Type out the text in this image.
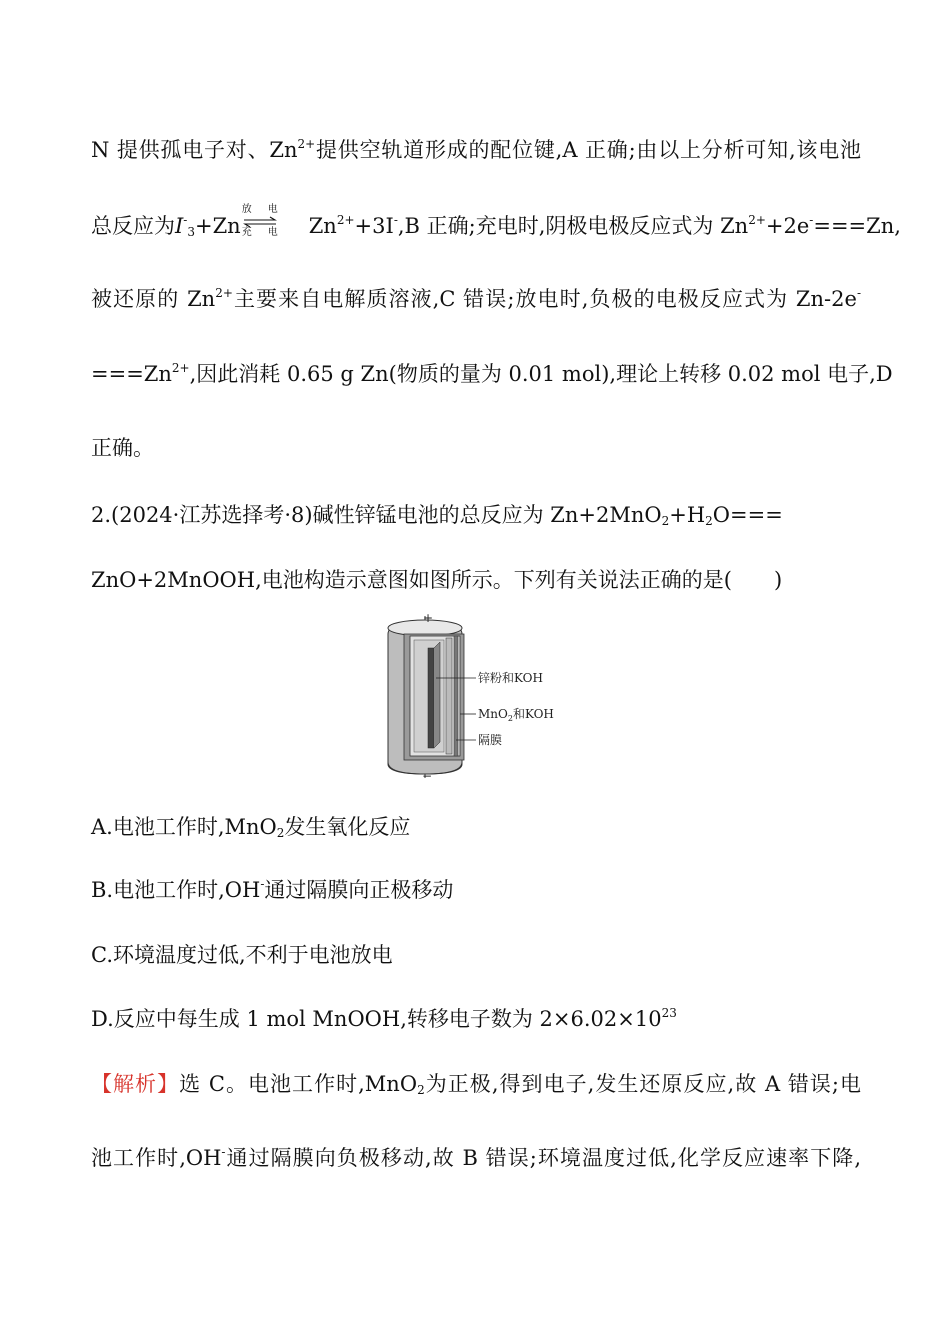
N 提供孤电子对、$Zn^{2+}$提供空轨道形成的配位键,A 正确;由以上分析可知,该电池
总反应为$I^-_3+Zn$
放电
充电 $Zn^{2+}+3I^-,B$ 正确;充电时,阴极电极反应式为 $Zn^{2+}+2e^-===Zn$,
被还原的 $Zn^{2+}$主要来自电解质溶液,C 错误;放电时,负极的电极反应式为 Zn-2e-
$===Zn^{2+}$,因此消耗 0.65 g Zn(物质的量为 0.01 mol),理论上转移 0.02 mol 电子,D
正确。
2.(2024·江苏选择考·8)碱性锌锰电池的总反应为 $Zn+2MnO_2+H_2O===$
ZnO+2MnOOH,电池构造示意图如图所示。下列有关说法正确的是(　　 )
+
−
锌粉和KOH
MnO$_2$和KOH
隔膜
A.电池工作时,MnO$_2$发生氧化反应
B.电池工作时,OH-通过隔膜向正极移动
C.环境温度过低,不利于电池放电
D.反应中每生成 1 mol MnOOH,转移电子数为 $2\times 6.02\times 10^{23}$
【解析】选 C。电池工作时,MnO$_2$为正极,得到电子,发生还原反应,故 A 错误;电
池工作时,OH-通过隔膜向负极移动,故 B 错误;环境温度过低,化学反应速率下降,
